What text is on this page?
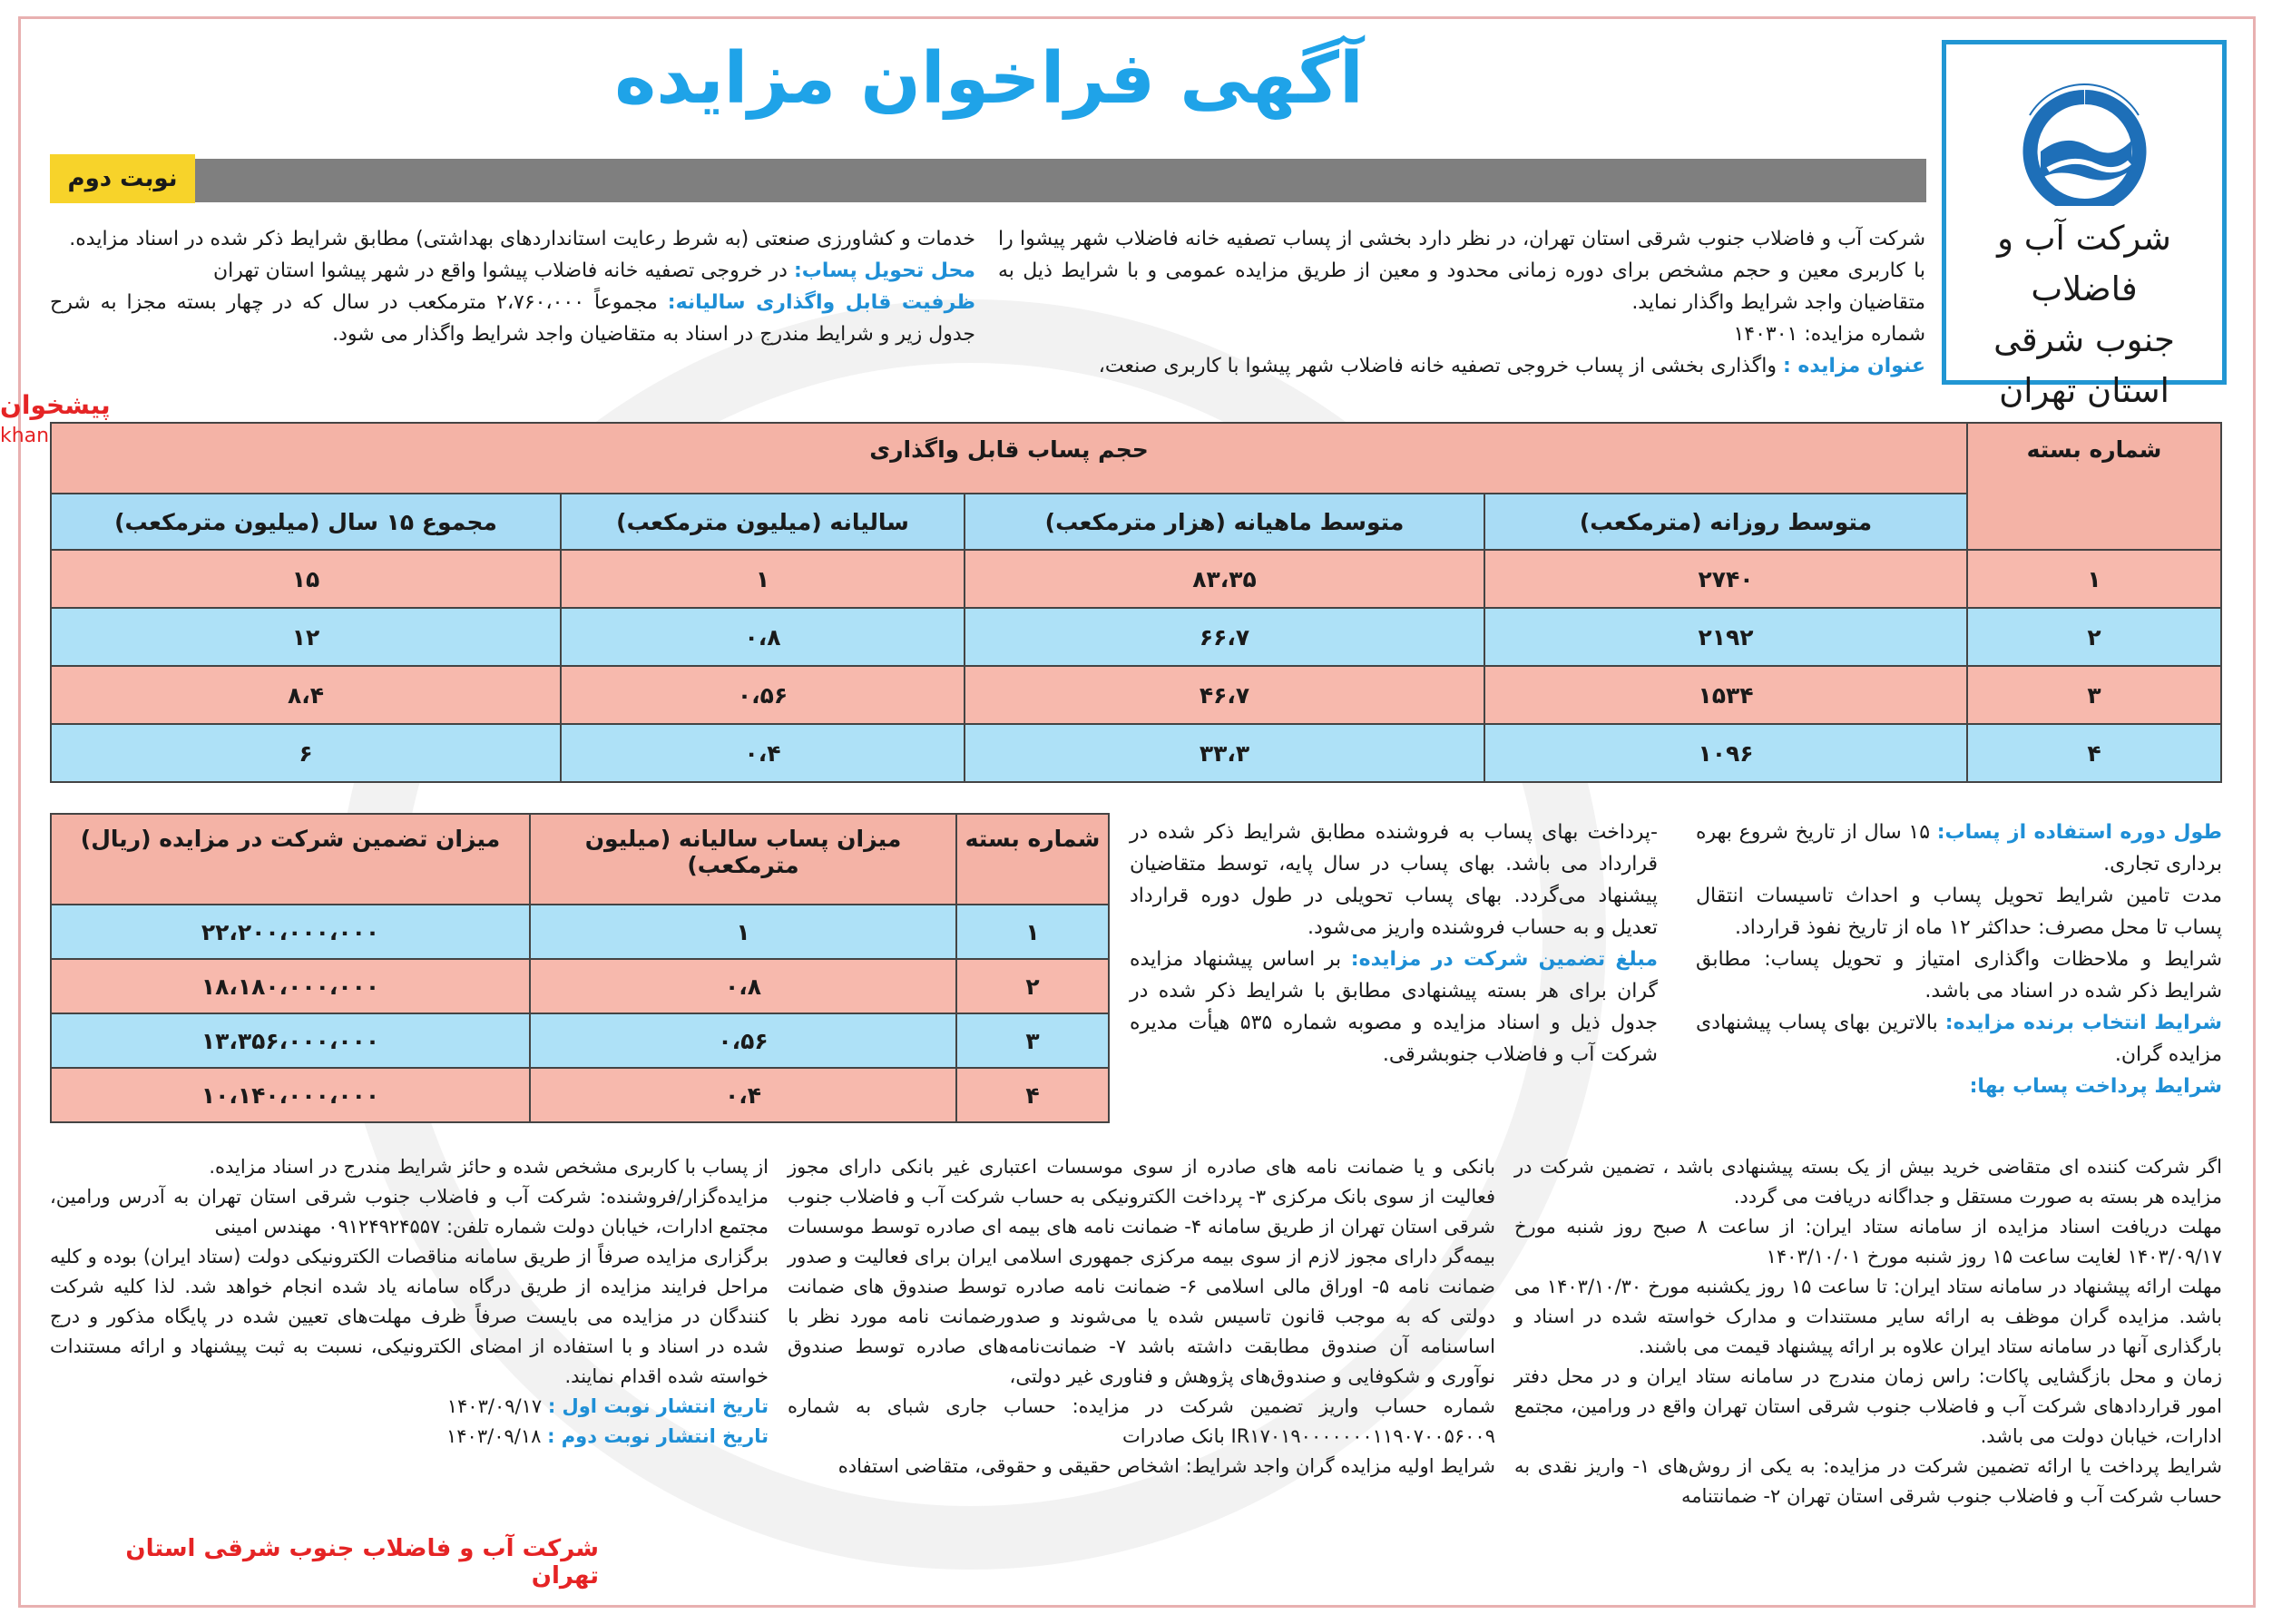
پیشخوان
khan.com
آگهی فراخوان مزایده
شرکت آب و فاضلاب
جنوب شرقی
استان تهران
نوبت دوم

شرکت آب و فاضلاب جنوب شرقی استان تهران، در نظر دارد بخشی از پساب تصفیه خانه فاضلاب شهر پیشوا را با کاربری معین و حجم مشخص برای دوره زمانی محدود و معین از طریق مزایده عمومی و با شرایط ذیل به متقاضیان واجد شرایط واگذار نماید.

شماره مزایده: ۱۴۰۳۰۱

عنوان مزایده : واگذاری بخشی از پساب خروجی تصفیه خانه فاضلاب شهر پیشوا با کاربری صنعت،

خدمات و کشاورزی صنعتی (به شرط رعایت استانداردهای بهداشتی) مطابق شرایط ذکر شده در اسناد مزایده.

محل تحویل پساب: در خروجی تصفیه خانه فاضلاب پیشوا واقع در شهر پیشوا استان تهران

ظرفیت قابل واگذاری سالیانه: مجموعاً ۲،۷۶۰،۰۰۰ مترمکعب در سال که در چهار بسته مجزا به شرح جدول زیر و شرایط مندرج در اسناد به متقاضیان واجد شرایط واگذار می شود.

شماره بسته	حجم پساب قابل واگذاری			
	متوسط روزانه (مترمکعب)	متوسط ماهیانه (هزار مترمکعب)	سالیانه (میلیون مترمکعب)	مجموع ۱۵ سال (میلیون مترمکعب)
۱	۲۷۴۰	۸۳،۳۵	۱	۱۵
۲	۲۱۹۲	۶۶،۷	۰،۸	۱۲
۳	۱۵۳۴	۴۶،۷	۰،۵۶	۸،۴
۴	۱۰۹۶	۳۳،۳	۰،۴	۶

طول دوره استفاده از پساب: ۱۵ سال از تاریخ شروع بهره برداری تجاری.

مدت تامین شرایط تحویل پساب و احداث تاسیسات انتقال پساب تا محل مصرف: حداکثر ۱۲ ماه از تاریخ نفوذ قرارداد.

شرایط و ملاحظات واگذاری امتیاز و تحویل پساب: مطابق شرایط ذکر شده در اسناد می باشد.

شرایط انتخاب برنده مزایده: بالاترین بهای پساب پیشنهادی مزایده گران.

شرایط پرداخت پساب بها:

-پرداخت بهای پساب به فروشنده مطابق شرایط ذکر شده در قرارداد می باشد. بهای پساب در سال پایه، توسط متقاضیان پیشنهاد می‌گردد. بهای پساب تحویلی در طول دوره قرارداد تعدیل و به حساب فروشنده واریز می‌شود.

مبلغ تضمین شرکت در مزایده: بر اساس پیشنهاد مزایده گران برای هر بسته پیشنهادی مطابق با شرایط ذکر شده در جدول ذیل و اسناد مزایده و مصوبه شماره ۵۳۵ هیأت مدیره شرکت آب و فاضلاب جنوبشرقی.

شماره بسته	میزان پساب سالیانه (میلیون مترمکعب)	میزان تضمین شرکت در مزایده (ریال)
۱	۱	۲۲،۲۰۰،۰۰۰،۰۰۰
۲	۰،۸	۱۸،۱۸۰،۰۰۰،۰۰۰
۳	۰،۵۶	۱۳،۳۵۶،۰۰۰،۰۰۰
۴	۰،۴	۱۰،۱۴۰،۰۰۰،۰۰۰

اگر شرکت کننده ای متقاضی خرید بیش از یک بسته پیشنهادی باشد ، تضمین شرکت در مزایده هر بسته به صورت مستقل و جداگانه دریافت می گردد.

مهلت دریافت اسناد مزایده از سامانه ستاد ایران: از ساعت ۸ صبح روز شنبه مورخ ۱۴۰۳/۰۹/۱۷ لغایت ساعت ۱۵ روز شنبه مورخ ۱۴۰۳/۱۰/۰۱

مهلت ارائه پیشنهاد در سامانه ستاد ایران: تا ساعت ۱۵ روز یکشنبه مورخ ۱۴۰۳/۱۰/۳۰ می باشد. مزایده گران موظف به ارائه سایر مستندات و مدارک خواسته شده در اسناد و بارگذاری آنها در سامانه ستاد ایران علاوه بر ارائه پیشنهاد قیمت می باشند.

زمان و محل بازگشایی پاکات: راس زمان مندرج در سامانه ستاد ایران و در محل دفتر امور قراردادهای شرکت آب و فاضلاب جنوب شرقی استان تهران واقع در ورامین، مجتمع ادارات، خیابان دولت می باشد.

شرایط پرداخت یا ارائه تضمین شرکت در مزایده: به یکی از روش‌های ۱- واریز نقدی به حساب شرکت آب و فاضلاب جنوب شرقی استان تهران ۲- ضمانتنامه

بانکی و یا ضمانت نامه های صادره از سوی موسسات اعتباری غیر بانکی دارای مجوز فعالیت از سوی بانک مرکزی ۳- پرداخت الکترونیکی به حساب شرکت آب و فاضلاب جنوب شرقی استان تهران از طریق سامانه ۴- ضمانت نامه های بیمه ای صادره توسط موسسات بیمه‌گر دارای مجوز لازم از سوی بیمه مرکزی جمهوری اسلامی ایران برای فعالیت و صدور ضمانت نامه ۵- اوراق مالی اسلامی ۶- ضمانت نامه صادره توسط صندوق های ضمانت دولتی که به موجب قانون تاسیس شده یا می‌شوند و صدورضمانت نامه مورد نظر با اساسنامه آن صندوق مطابقت داشته باشد ۷- ضمانت‌نامه‌های صادره توسط صندوق نوآوری و شکوفایی و صندوق‌های پژوهش و فناوری غیر دولتی،

شماره حساب واریز تضمین شرکت در مزایده: حساب جاری شبای به شماره IR۱۷۰۱۹۰۰۰۰۰۰۰۱۱۹۰۷۰۰۵۶۰۰۹ بانک صادرات

شرایط اولیه مزایده گران واجد شرایط: اشخاص حقیقی و حقوقی، متقاضی استفاده

از پساب با کاربری مشخص شده و حائز شرایط مندرج در اسناد مزایده.

مزایده‌گزار/فروشنده: شرکت آب و فاضلاب جنوب شرقی استان تهران به آدرس ورامین، مجتمع ادارات، خیابان دولت شماره تلفن: ۰۹۱۲۴۹۲۴۵۵۷ مهندس امینی

برگزاری مزایده صرفاً از طریق سامانه مناقصات الکترونیکی دولت (ستاد ایران) بوده و کلیه مراحل فرایند مزایده از طریق درگاه سامانه یاد شده انجام خواهد شد. لذا کلیه شرکت کنندگان در مزایده می بایست صرفاً ظرف مهلت‌های تعیین شده در پایگاه مذکور و درج شده در اسناد و با استفاده از امضای الکترونیکی، نسبت به ثبت پیشنهاد و ارائه مستندات خواسته شده اقدام نمایند.

تاریخ انتشار نوبت اول : ۱۴۰۳/۰۹/۱۷

تاریخ انتشار نوبت دوم : ۱۴۰۳/۰۹/۱۸

شرکت آب و فاضلاب جنوب شرقی استان تهران
